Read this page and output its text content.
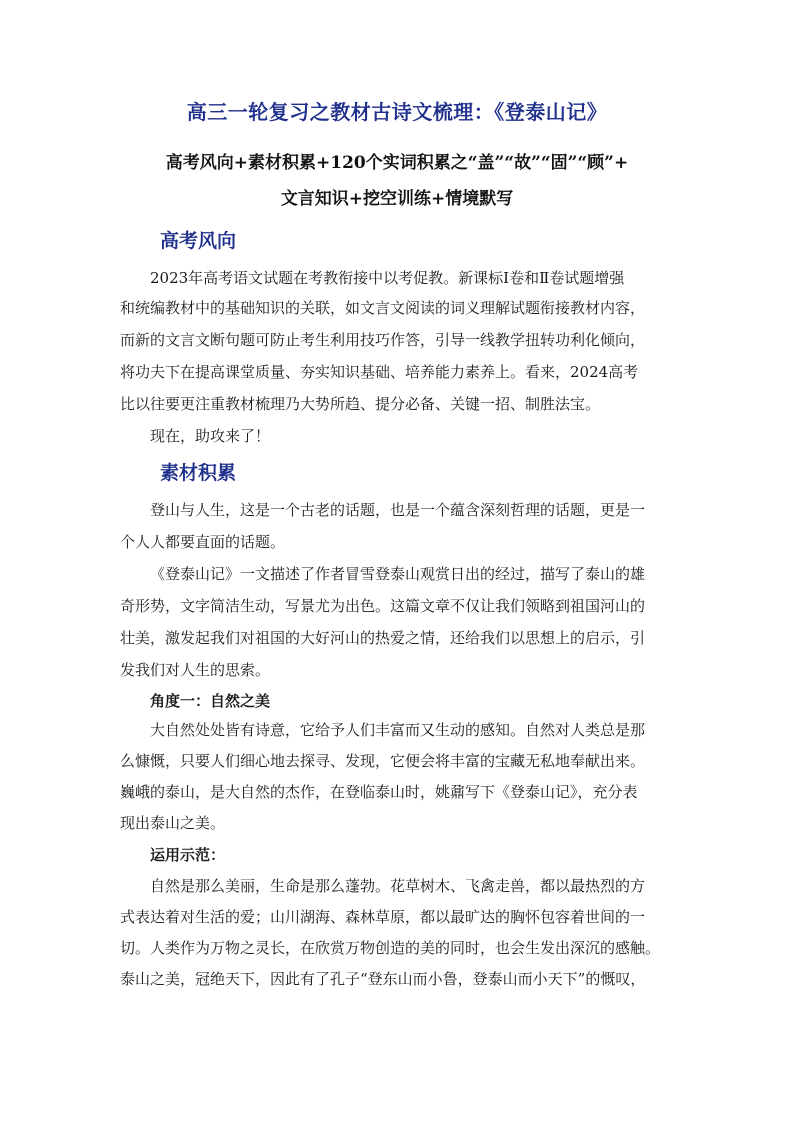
高三一轮复习之教材古诗文梳理：《登泰山记》
高考风向+素材积累+120个实词积累之“盖”“故”“固”“顾”+
文言知识+挖空训练+情境默写
高考风向
2023年高考语文试题在考教衔接中以考促教。新课标Ⅰ卷和Ⅱ卷试题增强
和统编教材中的基础知识的关联，如文言文阅读的词义理解试题衔接教材内容，
而新的文言文断句题可防止考生利用技巧作答，引导一线教学扭转功利化倾向，
将功夫下在提高课堂质量、夯实知识基础、培养能力素养上。看来，2024高考
比以往要更注重教材梳理乃大势所趋、提分必备、关键一招、制胜法宝。
现在，助攻来了！
素材积累
登山与人生，这是一个古老的话题，也是一个蕴含深刻哲理的话题，更是一
个人人都要直面的话题。
《登泰山记》一文描述了作者冒雪登泰山观赏日出的经过，描写了泰山的雄
奇形势，文字简洁生动，写景尤为出色。这篇文章不仅让我们领略到祖国河山的
壮美，激发起我们对祖国的大好河山的热爱之情，还给我们以思想上的启示，引
发我们对人生的思索。
角度一：自然之美
大自然处处皆有诗意，它给予人们丰富而又生动的感知。自然对人类总是那
么慷慨，只要人们细心地去探寻、发现，它便会将丰富的宝藏无私地奉献出来。
巍峨的泰山，是大自然的杰作，在登临泰山时，姚鼐写下《登泰山记》，充分表
现出泰山之美。
运用示范：
自然是那么美丽，生命是那么蓬勃。花草树木、飞禽走兽，都以最热烈的方
式表达着对生活的爱；山川湖海、森林草原，都以最旷达的胸怀包容着世间的一
切。人类作为万物之灵长，在欣赏万物创造的美的同时，也会生发出深沉的感触。
泰山之美，冠绝天下，因此有了孔子“登东山而小鲁，登泰山而小天下”的慨叹，
